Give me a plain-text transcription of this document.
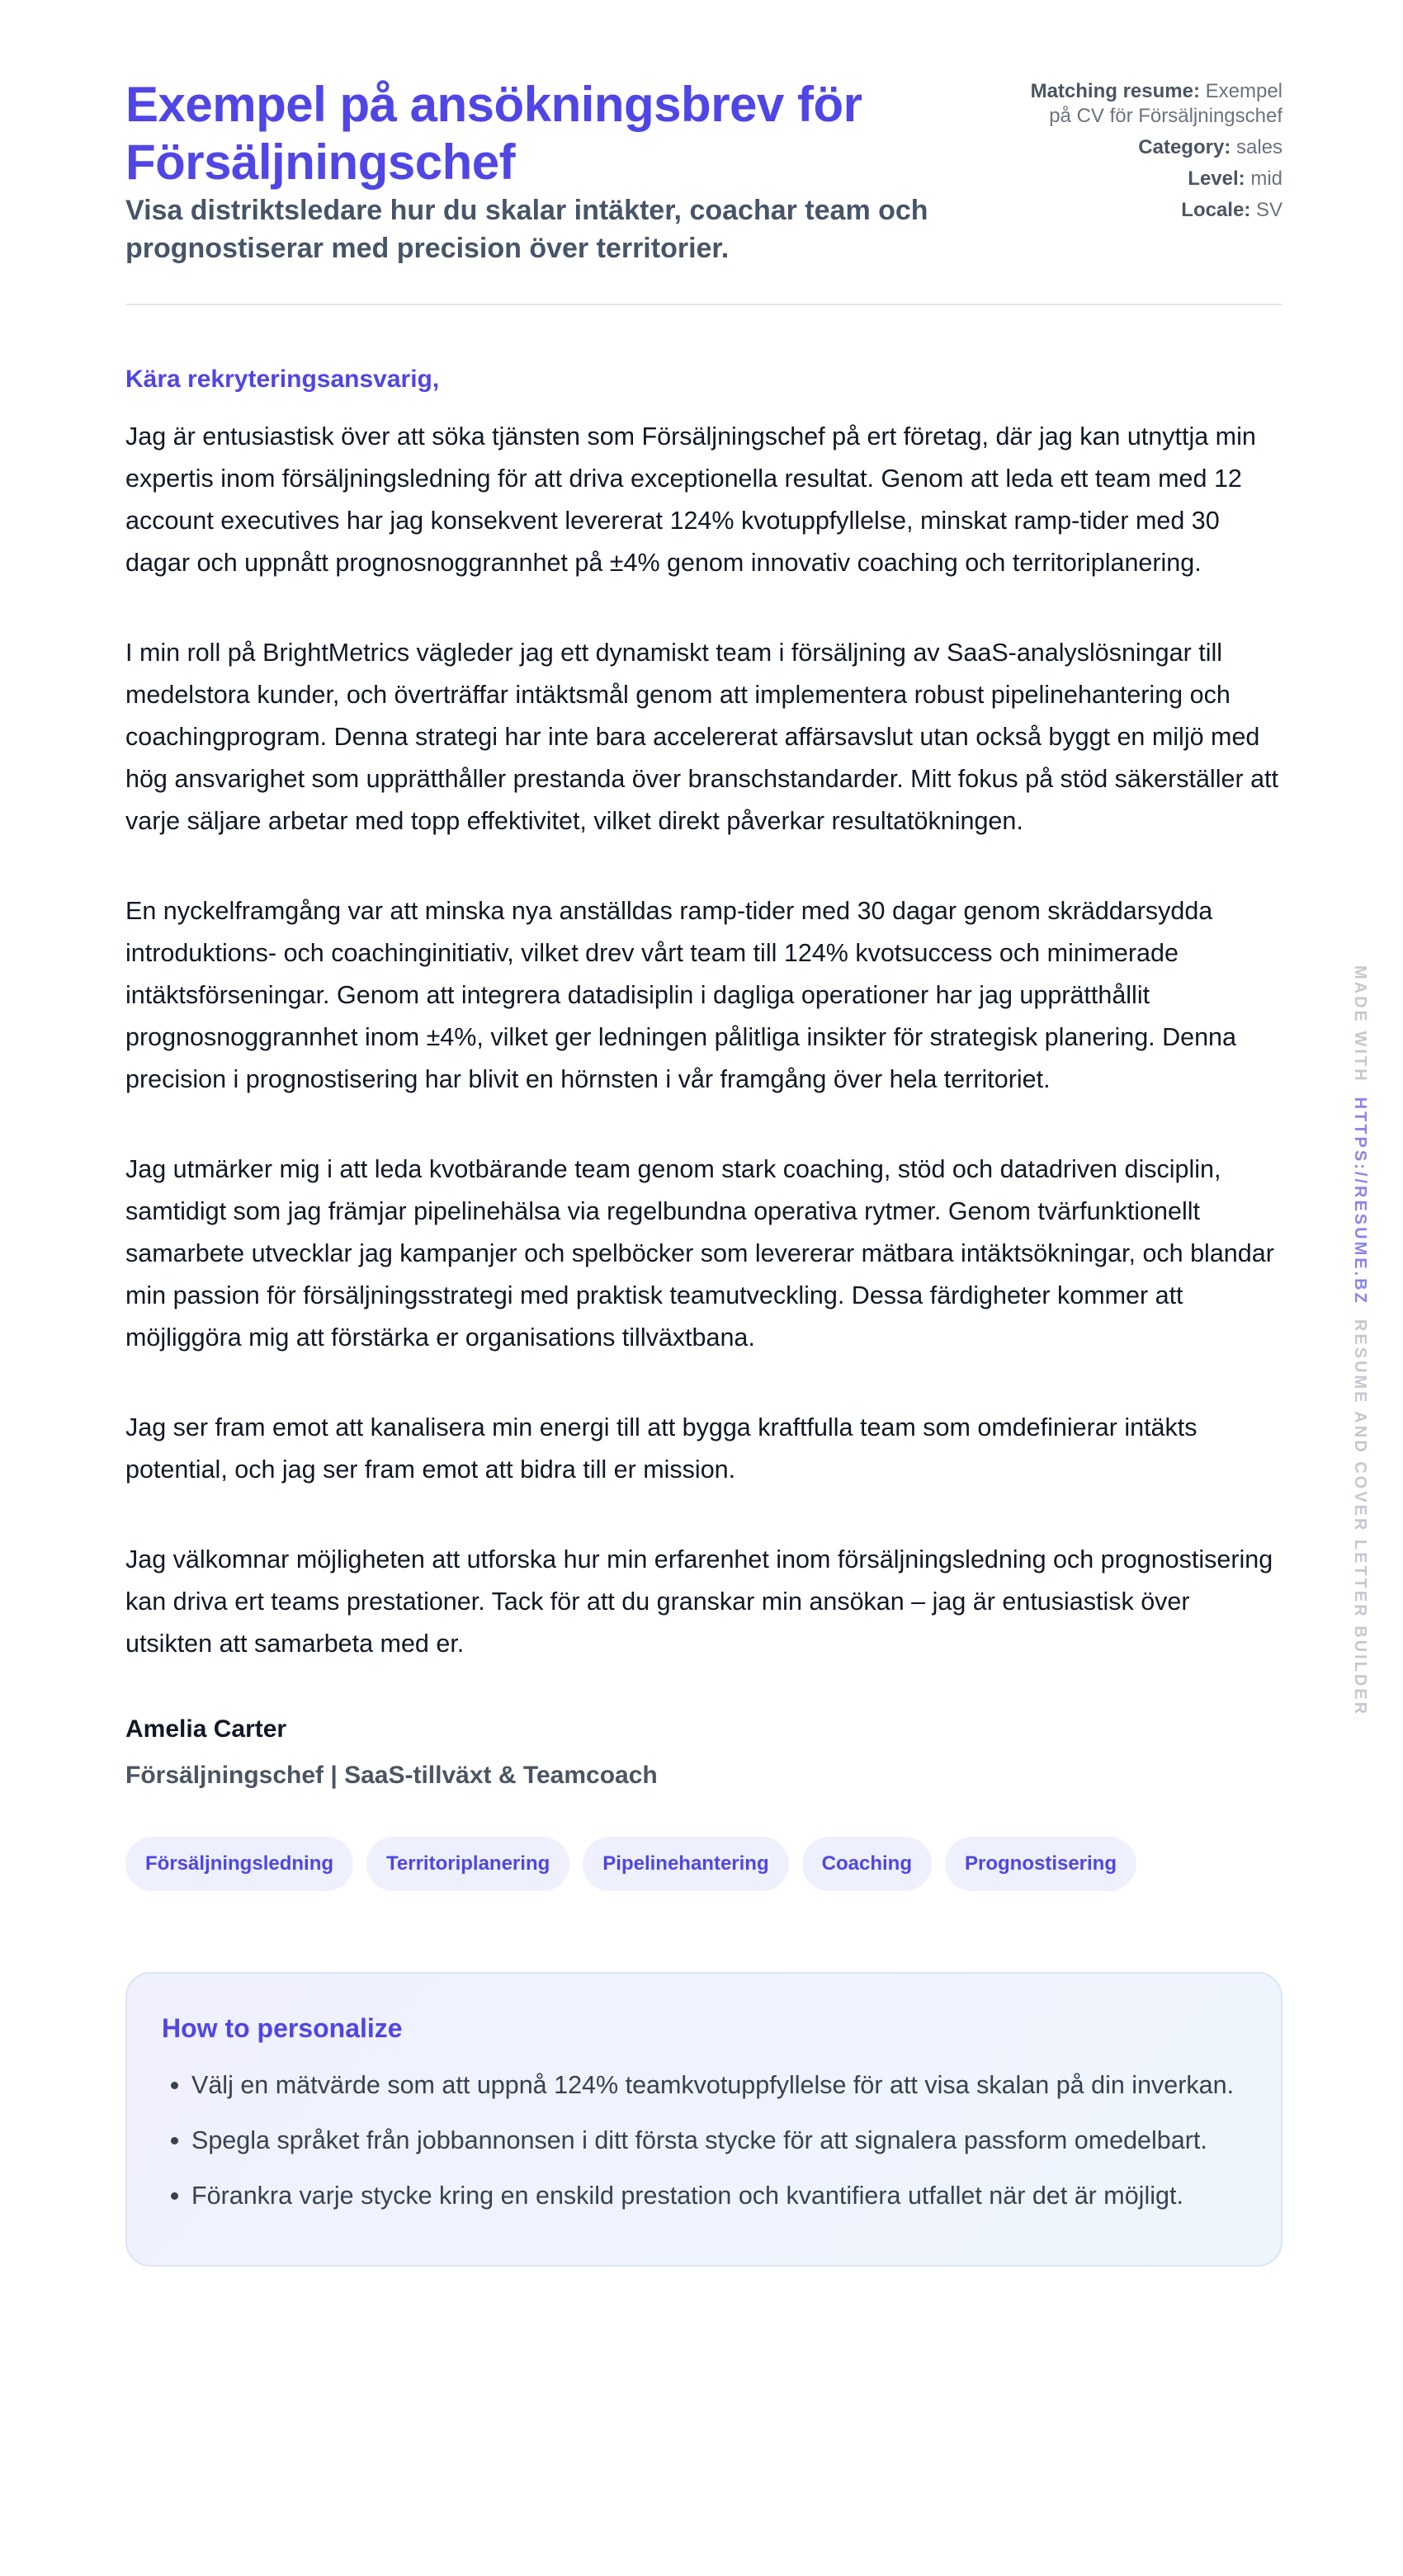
Exempel på ansökningsbrev för Försäljningschef
Visa distriktsledare hur du skalar intäkter, coachar team och prognostiserar med precision över territorier.
Matching resume: Exempel på CV för Försäljningschef
Category: sales
Level: mid
Locale: SV
Kära rekryteringsansvarig,

Jag är entusiastisk över att söka tjänsten som Försäljningschef på ert företag, där jag kan utnyttja min expertis inom försäljningsledning för att driva exceptionella resultat. Genom att leda ett team med 12 account executives har jag konsekvent levererat 124% kvotuppfyllelse, minskat ramp-tider med 30 dagar och uppnått prognosnoggrannhet på ±4% genom innovativ coaching och territoriplanering.

I min roll på BrightMetrics vägleder jag ett dynamiskt team i försäljning av SaaS-analyslösningar till medelstora kunder, och överträffar intäktsmål genom att implementera robust pipelinehantering och coachingprogram. Denna strategi har inte bara accelererat affärsavslut utan också byggt en miljö med hög ansvarighet som upprätthåller prestanda över branschstandarder. Mitt fokus på stöd säkerställer att varje säljare arbetar med topp effektivitet, vilket direkt påverkar resultatökningen.

En nyckelframgång var att minska nya anställdas ramp-tider med 30 dagar genom skräddarsydda introduktions- och coachinginitiativ, vilket drev vårt team till 124% kvotsuccess och minimerade intäktsförseningar. Genom att integrera datadisiplin i dagliga operationer har jag upprätthållit prognosnoggrannhet inom ±4%, vilket ger ledningen pålitliga insikter för strategisk planering. Denna precision i prognostisering har blivit en hörnsten i vår framgång över hela territoriet.

Jag utmärker mig i att leda kvotbärande team genom stark coaching, stöd och datadriven disciplin, samtidigt som jag främjar pipelinehälsa via regelbundna operativa rytmer. Genom tvärfunktionellt samarbete utvecklar jag kampanjer och spelböcker som levererar mätbara intäktsökningar, och blandar min passion för försäljningsstrategi med praktisk teamutveckling. Dessa färdigheter kommer att möjliggöra mig att förstärka er organisations tillväxtbana.

Jag ser fram emot att kanalisera min energi till att bygga kraftfulla team som omdefinierar intäkts potential, och jag ser fram emot att bidra till er mission.

Jag välkomnar möjligheten att utforska hur min erfarenhet inom försäljningsledning och prognostisering kan driva ert teams prestationer. Tack för att du granskar min ansökan – jag är entusiastisk över utsikten att samarbeta med er.

Amelia Carter
Försäljningschef | SaaS-tillväxt & Teamcoach
Försäljningsledning	Territoriplanering	Pipelinehantering	Coaching	Prognostisering
How to personalize
• Välj en mätvärde som att uppnå 124% teamkvotuppfyllelse för att visa skalan på din inverkan.
• Spegla språket från jobbannonsen i ditt första stycke för att signalera passform omedelbart.
• Förankra varje stycke kring en enskild prestation och kvantifiera utfallet när det är möjligt.
MADE WITH  HTTPS://RESUME.BZ  RESUME AND COVER LETTER BUILDER
